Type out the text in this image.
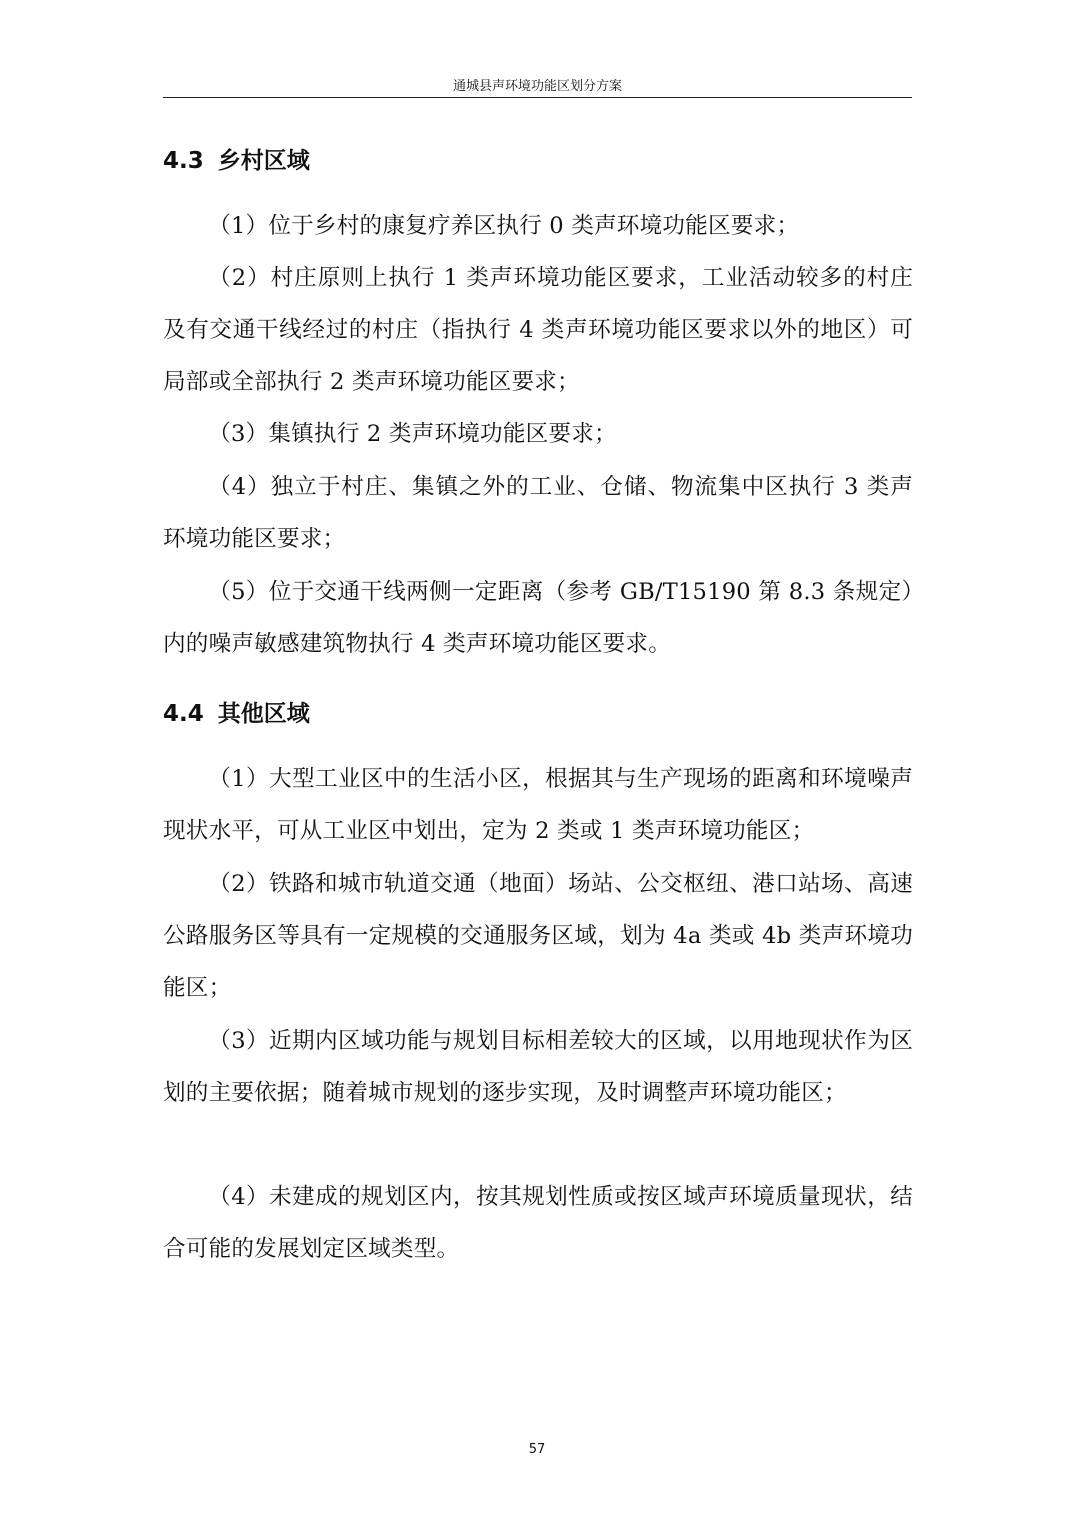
通城县声环境功能区划分方案
4.3 乡村区域

（1）位于乡村的康复疗养区执行 0 类声环境功能区要求；

（2）村庄原则上执行 1 类声环境功能区要求，工业活动较多的村庄及有交通干线经过的村庄（指执行 4 类声环境功能区要求以外的地区）可局部或全部执行 2 类声环境功能区要求；

（3）集镇执行 2 类声环境功能区要求；

（4）独立于村庄、集镇之外的工业、仓储、物流集中区执行 3 类声环境功能区要求；

（5）位于交通干线两侧一定距离（参考 GB/T15190 第 8.3 条规定）内的噪声敏感建筑物执行 4 类声环境功能区要求。

4.4 其他区域

（1）大型工业区中的生活小区，根据其与生产现场的距离和环境噪声现状水平，可从工业区中划出，定为 2 类或 1 类声环境功能区；

（2）铁路和城市轨道交通（地面）场站、公交枢纽、港口站场、高速公路服务区等具有一定规模的交通服务区域，划为 4a 类或 4b 类声环境功能区；

（3）近期内区域功能与规划目标相差较大的区域，以用地现状作为区划的主要依据；随着城市规划的逐步实现，及时调整声环境功能区；

（4）未建成的规划区内，按其规划性质或按区域声环境质量现状，结合可能的发展划定区域类型。

57
